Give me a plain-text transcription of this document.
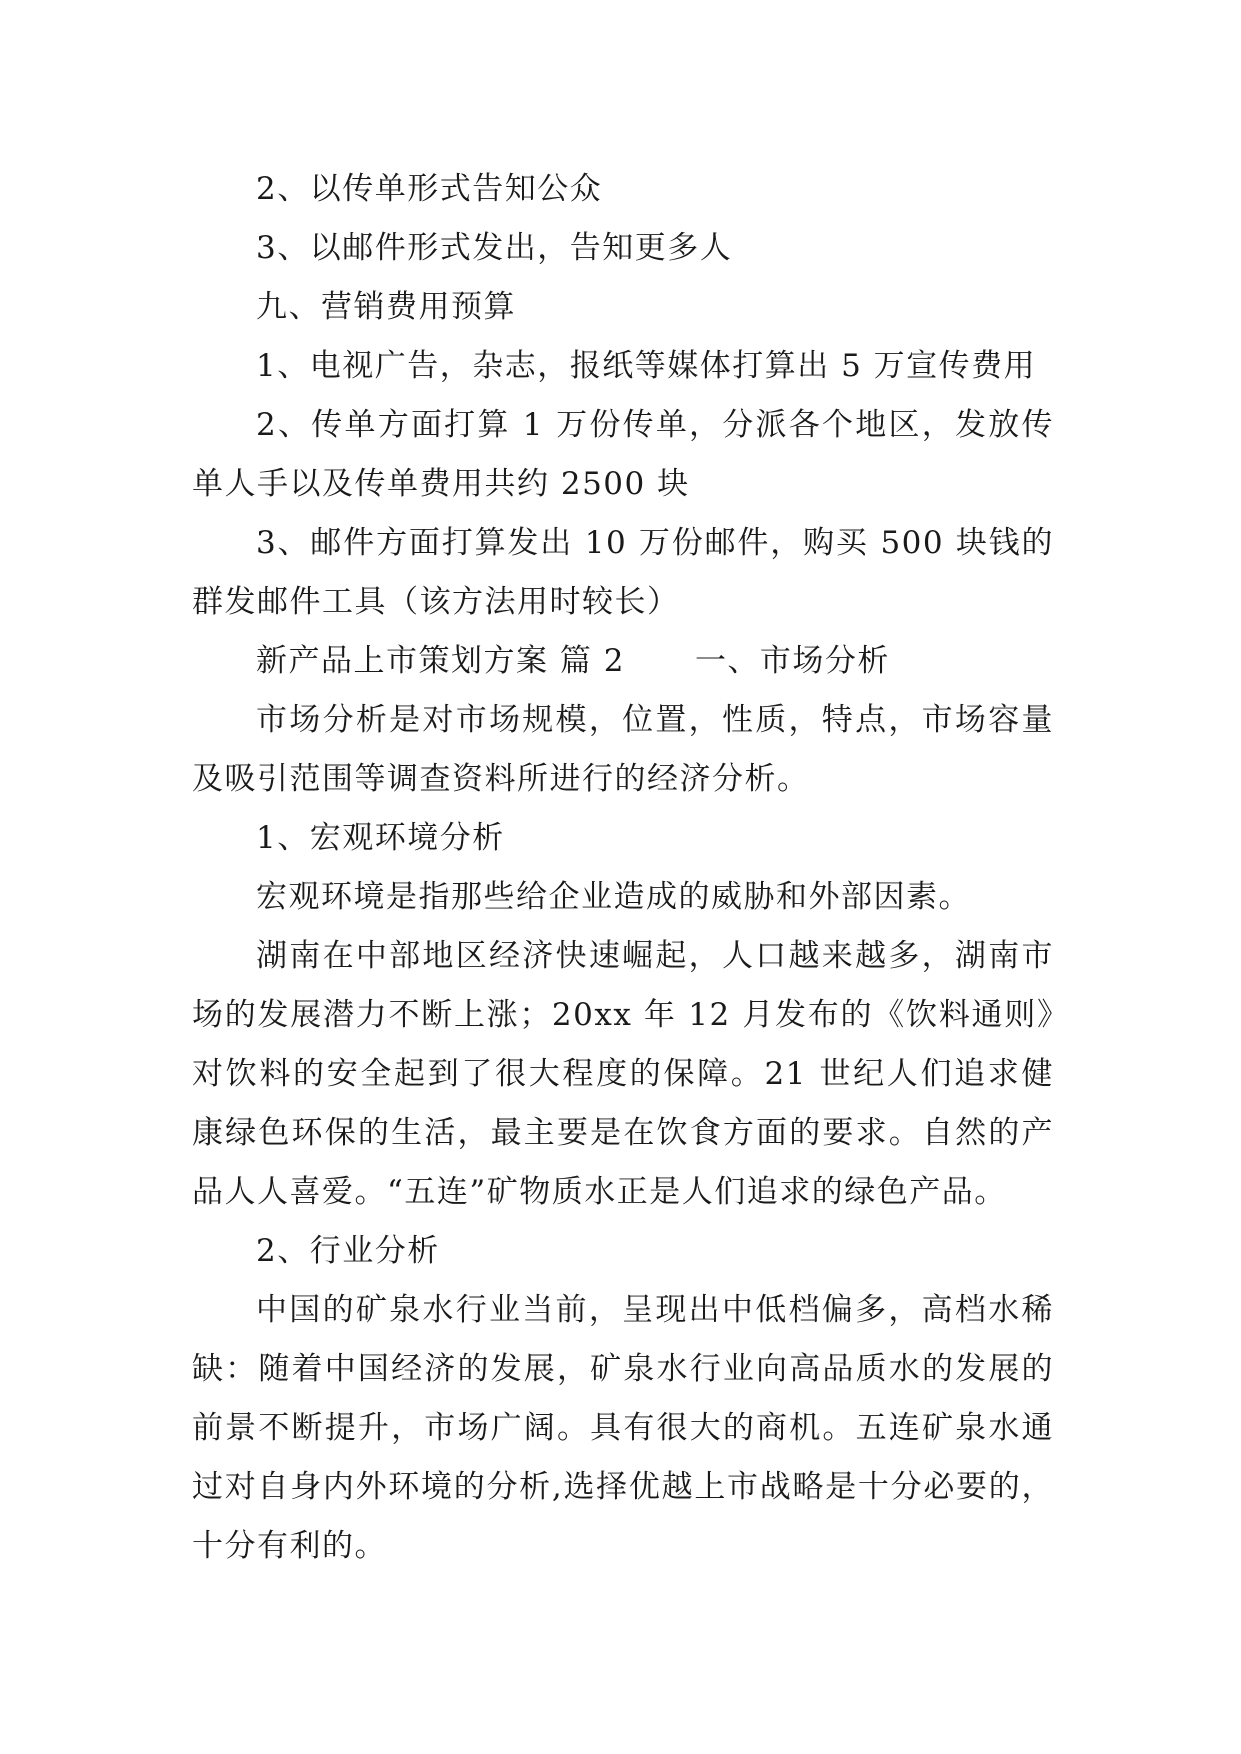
2、以传单形式告知公众

3、以邮件形式发出，告知更多人

九、营销费用预算

1、电视广告，杂志，报纸等媒体打算出 5 万宣传费用

2、传单方面打算 1 万份传单，分派各个地区，发放传单人手以及传单费用共约 2500 块

3、邮件方面打算发出 10 万份邮件，购买 500 块钱的群发邮件工具（该方法用时较长）

新产品上市策划方案 篇 2 一、市场分析

市场分析是对市场规模，位置，性质，特点，市场容量及吸引范围等调查资料所进行的经济分析。

1、宏观环境分析

宏观环境是指那些给企业造成的威胁和外部因素。

湖南在中部地区经济快速崛起，人口越来越多，湖南市场的发展潜力不断上涨；20xx 年 12 月发布的《饮料通则》对饮料的安全起到了很大程度的保障。21 世纪人们追求健康绿色环保的生活，最主要是在饮食方面的要求。自然的产品人人喜爱。“五连”矿物质水正是人们追求的绿色产品。

2、行业分析

中国的矿泉水行业当前，呈现出中低档偏多，高档水稀缺：随着中国经济的发展，矿泉水行业向高品质水的发展的前景不断提升，市场广阔。具有很大的商机。五连矿泉水通过对自身内外环境的分析,选择优越上市战略是十分必要的，十分有利的。
